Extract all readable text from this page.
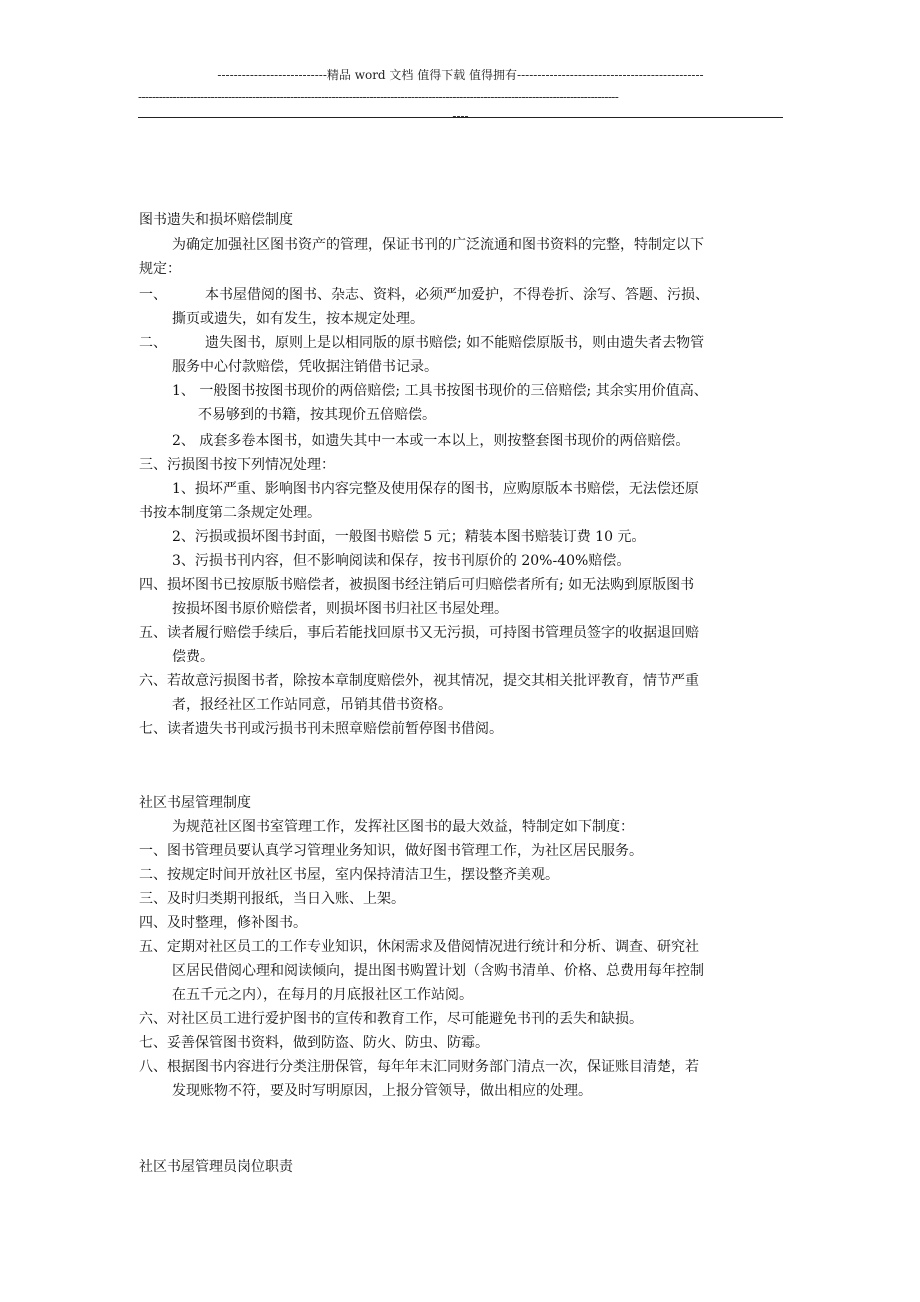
---------------------------精品 word 文档 值得下载 值得拥有----------------------------------------------
-------------------------------------------------------------------------------------------------------------------------------------------
----
图书遗失和损坏赔偿制度
为确定加强社区图书资产的管理，保证书刊的广泛流通和图书资料的完整，特制定以下
规定：
一、	本书屋借阅的图书、杂志、资料，必须严加爱护，不得卷折、涂写、答题、污损、
撕页或遗失，如有发生，按本规定处理。
二、	遗失图书，原则上是以相同版的原书赔偿; 如不能赔偿原版书，则由遗失者去物管
服务中心付款赔偿，凭收据注销借书记录。
1、 一般图书按图书现价的两倍赔偿; 工具书按图书现价的三倍赔偿; 其余实用价值高、
不易够到的书籍，按其现价五倍赔偿。
2、 成套多卷本图书，如遗失其中一本或一本以上，则按整套图书现价的两倍赔偿。
三、污损图书按下列情况处理：
1、损坏严重、影响图书内容完整及使用保存的图书，应购原版本书赔偿，无法偿还原
书按本制度第二条规定处理。
2、污损或损坏图书封面，一般图书赔偿 5 元；精装本图书赔装订费 10 元。
3、污损书刊内容，但不影响阅读和保存，按书刊原价的 20%-40%赔偿。
四、损坏图书已按原版书赔偿者，被损图书经注销后可归赔偿者所有; 如无法购到原版图书
按损坏图书原价赔偿者，则损坏图书归社区书屋处理。
五、读者履行赔偿手续后，事后若能找回原书又无污损，可持图书管理员签字的收据退回赔
偿费。
六、若故意污损图书者，除按本章制度赔偿外，视其情况，提交其相关批评教育，情节严重
者，报经社区工作站同意，吊销其借书资格。
七、读者遗失书刊或污损书刊未照章赔偿前暂停图书借阅。
社区书屋管理制度
为规范社区图书室管理工作，发挥社区图书的最大效益，特制定如下制度：
一、图书管理员要认真学习管理业务知识，做好图书管理工作，为社区居民服务。
二、按规定时间开放社区书屋，室内保持清洁卫生，摆设整齐美观。
三、及时归类期刊报纸，当日入账、上架。
四、及时整理，修补图书。
五、定期对社区员工的工作专业知识，休闲需求及借阅情况进行统计和分析、调查、研究社
区居民借阅心理和阅读倾向，提出图书购置计划（含购书清单、价格、总费用每年控制
在五千元之内），在每月的月底报社区工作站阅。
六、对社区员工进行爱护图书的宣传和教育工作，尽可能避免书刊的丢失和缺损。
七、妥善保管图书资料，做到防盗、防火、防虫、防霉。
八、根据图书内容进行分类注册保管，每年年末汇同财务部门清点一次，保证账目清楚，若
发现账物不符，要及时写明原因，上报分管领导，做出相应的处理。
社区书屋管理员岗位职责
